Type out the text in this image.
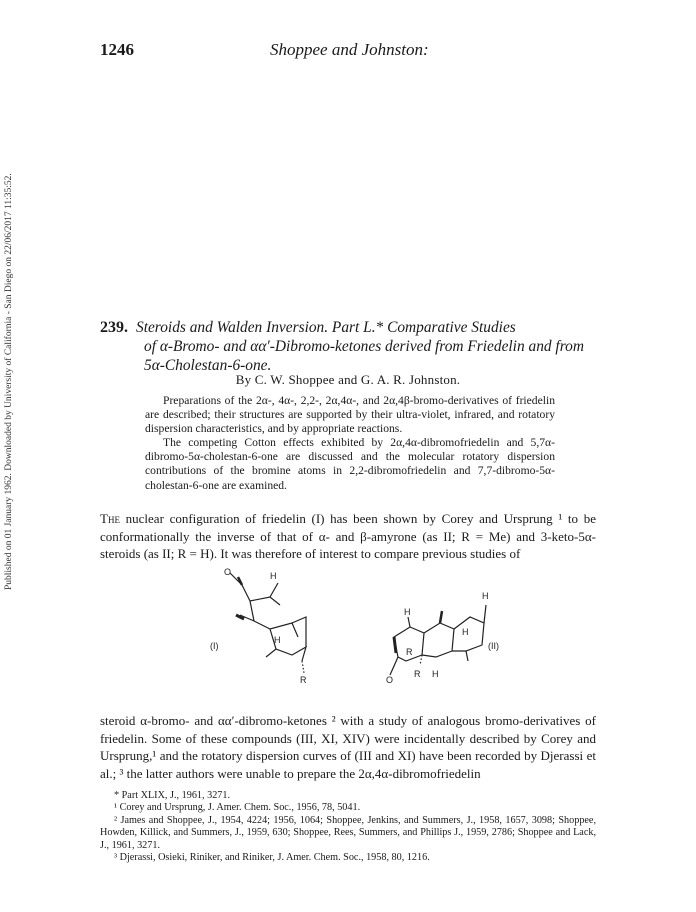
Published on 01 January 1962. Downloaded by University of California - San Diego on 22/06/2017 11:35:52.
1246	Shoppee and Johnston:
239. Steroids and Walden Inversion. Part L.* Comparative Studies
of α-Bromo- and αα′-Dibromo-ketones derived from Friedelin and from
5α-Cholestan-6-one.
By C. W. Shoppee and G. A. R. Johnston.

Preparations of the 2α-, 4α-, 2,2-, 2α,4α-, and 2α,4β-bromo-derivatives of friedelin are described; their structures are supported by their ultra-violet, infrared, and rotatory dispersion characteristics, and by appropriate reactions.

The competing Cotton effects exhibited by 2α,4α-dibromofriedelin and 5,7α-dibromo-5α-cholestan-6-one are discussed and the molecular rotatory dispersion contributions of the bromine atoms in 2,2-dibromofriedelin and 7,7-dibromo-5α-cholestan-6-one are examined.

The nuclear configuration of friedelin (I) has been shown by Corey and Ursprung ¹ to be conformationally the inverse of that of α- and β-amyrone (as II; R = Me) and 3-keto-5α-steroids (as II; R = H). It was therefore of interest to compare previous studies of

O	H
H
R
(I)
O
H
H
H
R
R H
(II)

steroid α-bromo- and αα′-dibromo-ketones ² with a study of analogous bromo-derivatives of friedelin. Some of these compounds (III, XI, XIV) were incidentally described by Corey and Ursprung,¹ and the rotatory dispersion curves of (III and XI) have been recorded by Djerassi et al.; ³ the latter authors were unable to prepare the 2α,4α-dibromofriedelin

* Part XLIX, J., 1961, 3271.

¹ Corey and Ursprung, J. Amer. Chem. Soc., 1956, 78, 5041.

² James and Shoppee, J., 1954, 4224; 1956, 1064; Shoppee, Jenkins, and Summers, J., 1958, 1657, 3098; Shoppee, Howden, Killick, and Summers, J., 1959, 630; Shoppee, Rees, Summers, and Phillips J., 1959, 2786; Shoppee and Lack, J., 1961, 3271.

³ Djerassi, Osieki, Riniker, and Riniker, J. Amer. Chem. Soc., 1958, 80, 1216.
